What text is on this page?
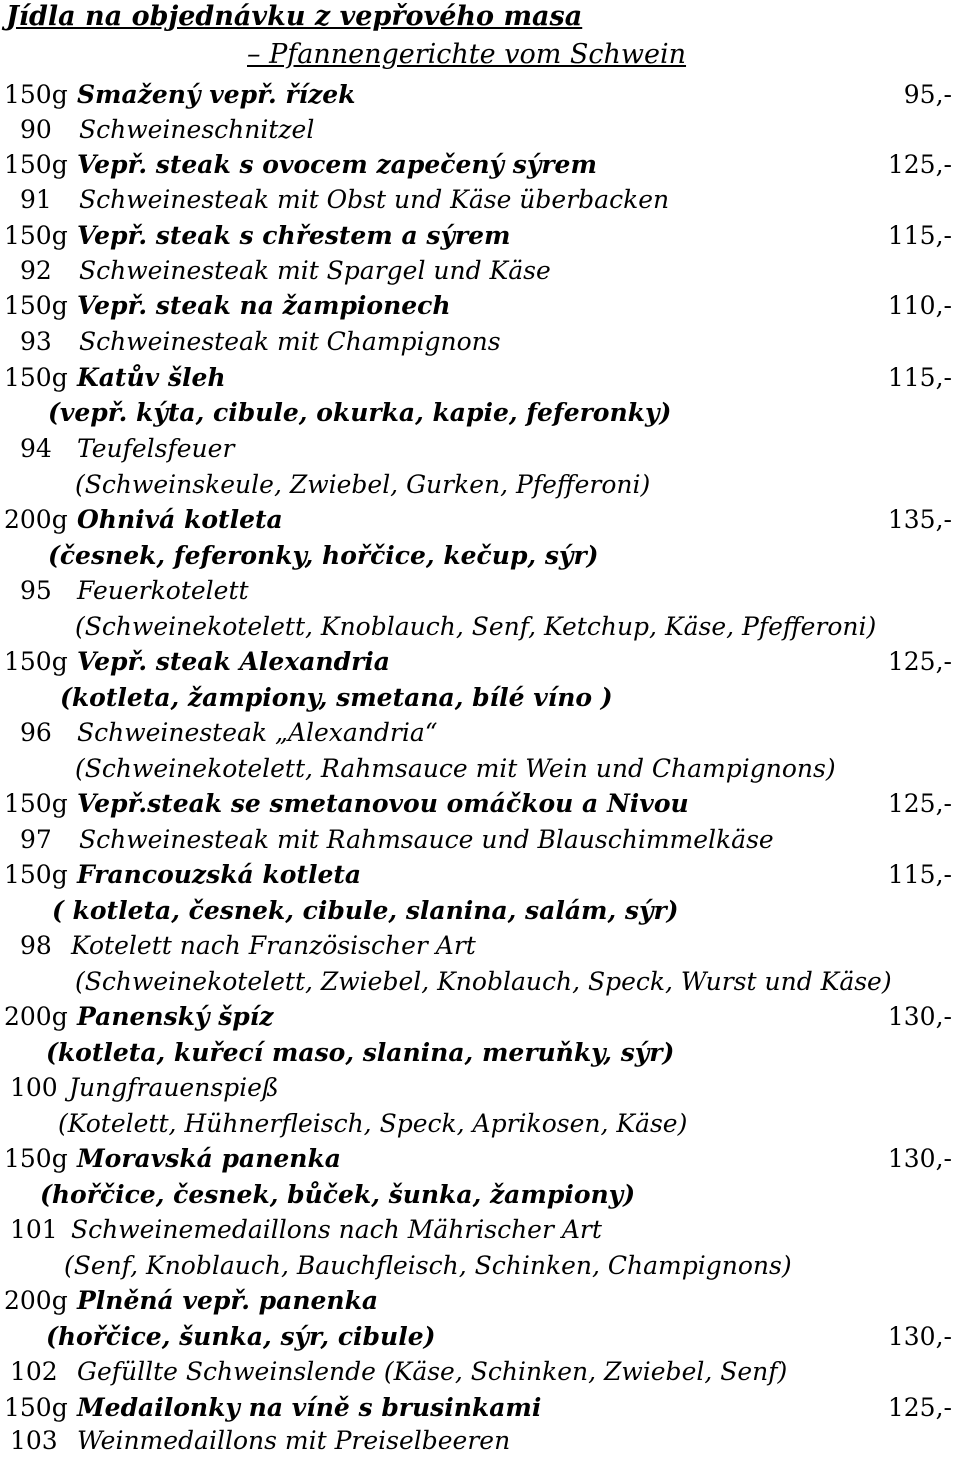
Jídla na objednávku z vepřového masa
– Pfannengerichte vom Schwein
150g Smažený vepř. řízek	95,-
90 Schweineschnitzel
150g Vepř. steak s ovocem zapečený sýrem	125,-
91 Schweinesteak mit Obst und Käse überbacken
150g Vepř. steak s chřestem a sýrem	115,-
92 Schweinesteak mit Spargel und Käse
150g Vepř. steak na žampionech	110,-
93 Schweinesteak mit Champignons
150g Katův šleh	115,-
(vepř. kýta, cibule, okurka, kapie, feferonky)
94 Teufelsfeuer
(Schweinskeule, Zwiebel, Gurken, Pfefferoni)
200g Ohnivá kotleta	135,-
(česnek, feferonky, hořčice, kečup, sýr)
95 Feuerkotelett
(Schweinekotelett, Knoblauch, Senf, Ketchup, Käse, Pfefferoni)
150g Vepř. steak Alexandria	125,-
(kotleta, žampiony, smetana, bílé víno )
96 Schweinesteak „Alexandria“
(Schweinekotelett, Rahmsauce mit Wein und Champignons)
150g Vepř.steak se smetanovou omáčkou a Nivou	125,-
97 Schweinesteak mit Rahmsauce und Blauschimmelkäse
150g Francouzská kotleta	115,-
( kotleta, česnek, cibule, slanina, salám, sýr)
98 Kotelett nach Französischer Art
(Schweinekotelett, Zwiebel, Knoblauch, Speck, Wurst und Käse)
200g Panenský špíz	130,-
(kotleta, kuřecí maso, slanina, meruňky, sýr)
100 Jungfrauenspieß
(Kotelett, Hühnerfleisch, Speck, Aprikosen, Käse)
150g Moravská panenka	130,-
(hořčice, česnek, bůček, šunka, žampiony)
101 Schweinemedaillons nach Mährischer Art
(Senf, Knoblauch, Bauchfleisch, Schinken, Champignons)
200g Plněná vepř. panenka
(hořčice, šunka, sýr, cibule)	130,-
102 Gefüllte Schweinslende (Käse, Schinken, Zwiebel, Senf)
150g Medailonky na víně s brusinkami	125,-
103 Weinmedaillons mit Preiselbeeren
